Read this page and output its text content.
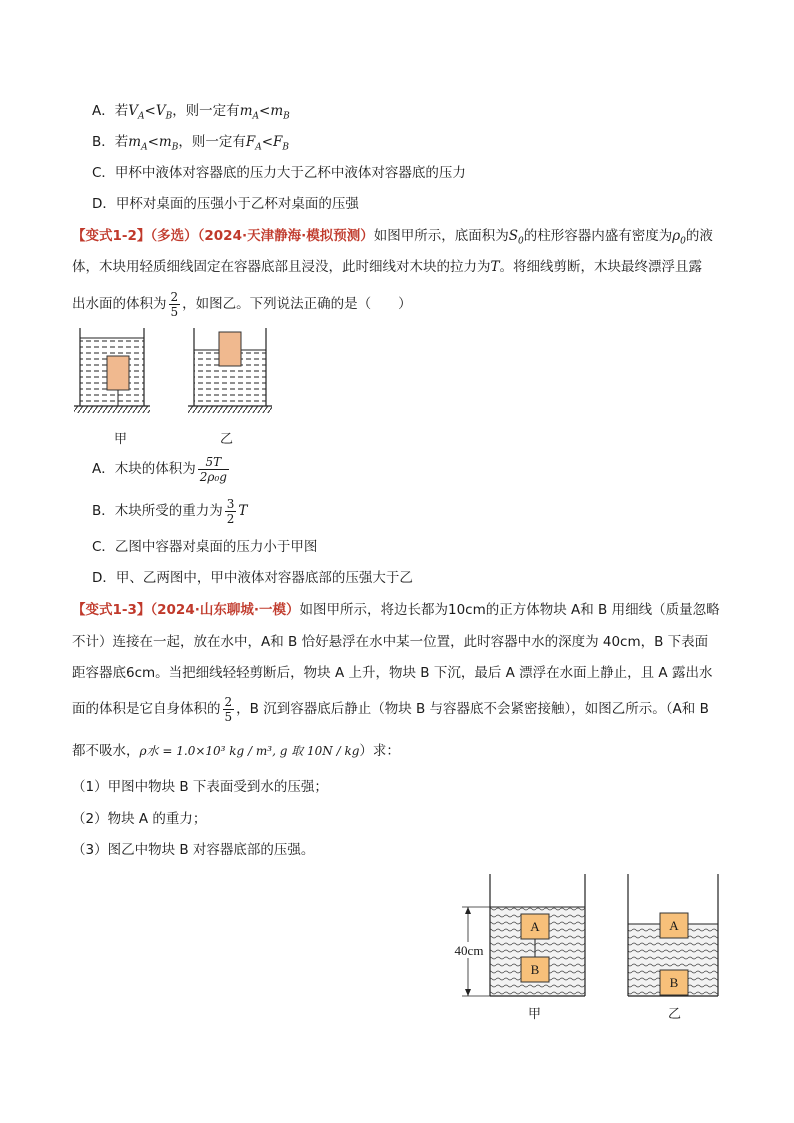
A．若$V_A<V_B$，则一定有$m_A<m_B$
B．若$m_A<m_B$，则一定有$F_A<F_B$
C．甲杯中液体对容器底的压力大于乙杯中液体对容器底的压力
D．甲杯对桌面的压强小于乙杯对桌面的压强
【变式1-2】（多选）（2024·天津静海·模拟预测）如图甲所示，底面积为$S_0$的柱形容器内盛有密度为$\rho_0$的液
体，木块用轻质细线固定在容器底部且浸没，此时细线对木块的拉力为T。将细线剪断，木块最终漂浮且露
出水面的体积为 $\frac{2}{5}$ ，如图乙。下列说法正确的是（　　）
甲	乙
A．木块的体积为 $\frac{5T}{\text{2ρ₀g}}$
B．木块所受的重力为 $\frac{3}{2}$ T
C．乙图中容器对桌面的压力小于甲图
D．甲、乙两图中，甲中液体对容器底部的压强大于乙
【变式1-3】（2024·山东聊城·一模）如图甲所示，将边长都为10cm的正方体物块 A和 B 用细线（质量忽略
不计）连接在一起，放在水中，A和 B 恰好悬浮在水中某一位置，此时容器中水的深度为 40cm，B 下表面
距容器底6cm。当把细线轻轻剪断后，物块 A 上升，物块 B 下沉，最后 A 漂浮在水面上静止，且 A 露出水
面的体积是它自身体积的 $\frac{2}{5}$ ，B 沉到容器底后静止（物块 B 与容器底不会紧密接触），如图乙所示。（A和 B
都不吸水，ρ水 = 1.0×10³ kg / m³, g 取 10N / kg）求：
（1）甲图中物块 B 下表面受到水的压强；
（2）物块 A 的重力；
（3）图乙中物块 B 对容器底部的压强。
40cm
A
B
A
B
甲	乙
